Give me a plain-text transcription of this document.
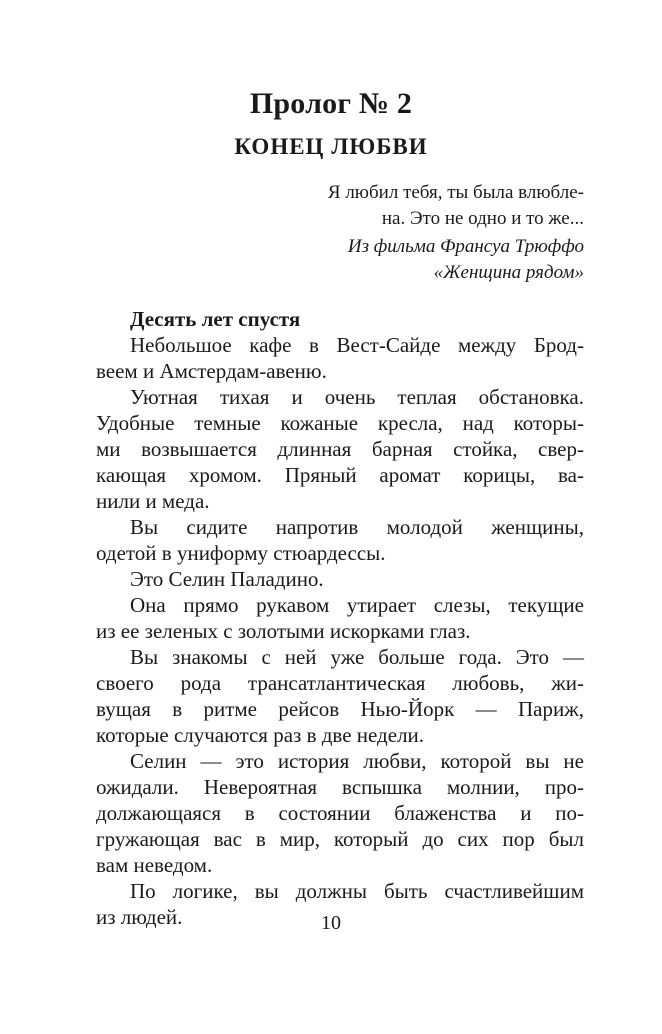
Пролог № 2
КОНЕЦ ЛЮБВИ
Я любил тебя, ты была влюбле-
на. Это не одно и то же...
Из фильма Франсуа Трюффо
«Женщина рядом»
Десять лет спустя
Небольшое кафе в Вест-Сайде между Брод-
веем и Амстердам-авеню.
Уютная тихая и очень теплая обстановка.
Удобные темные кожаные кресла, над которы-
ми возвышается длинная барная стойка, свер-
кающая хромом. Пряный аромат корицы, ва-
нили и меда.
Вы сидите напротив молодой женщины,
одетой в униформу стюардессы.
Это Селин Паладино.
Она прямо рукавом утирает слезы, текущие
из ее зеленых с золотыми искорками глаз.
Вы знакомы с ней уже больше года. Это —
своего рода трансатлантическая любовь, жи-
вущая в ритме рейсов Нью-Йорк — Париж,
которые случаются раз в две недели.
Селин — это история любви, которой вы не
ожидали. Невероятная вспышка молнии, про-
должающаяся в состоянии блаженства и по-
гружающая вас в мир, который до сих пор был
вам неведом.
По логике, вы должны быть счастливейшим
из людей.	10
